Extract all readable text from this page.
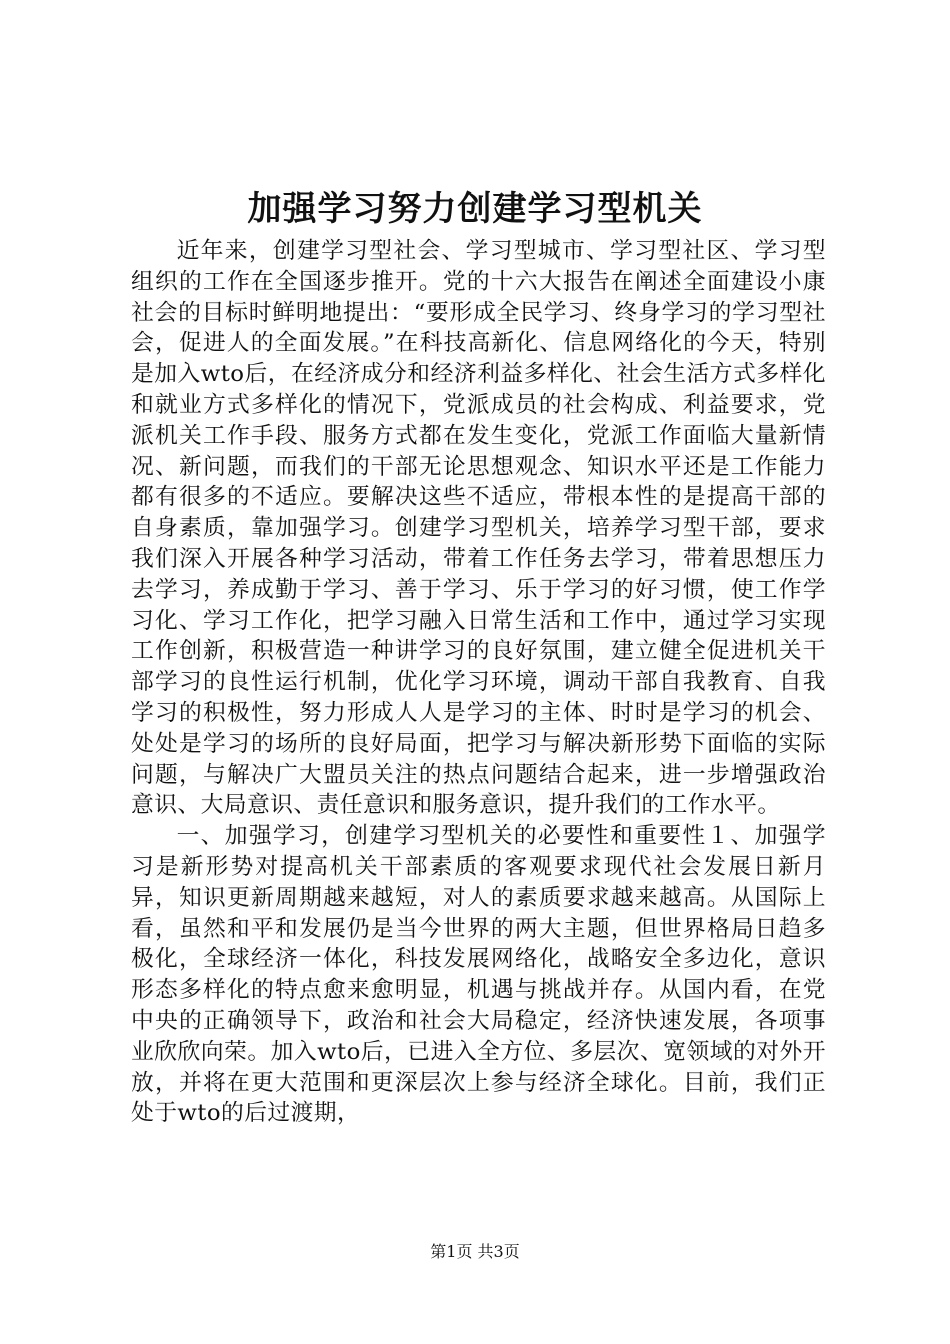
加强学习努力创建学习型机关

近年来，创建学习型社会、学习型城市、学习型社区、学习型组织的工作在全国逐步推开。党的十六大报告在阐述全面建设小康社会的目标时鲜明地提出：“要形成全民学习、终身学习的学习型社会，促进人的全面发展。”在科技高新化、信息网络化的今天，特别是加入wto后，在经济成分和经济利益多样化、社会生活方式多样化和就业方式多样化的情况下，党派成员的社会构成、利益要求，党派机关工作手段、服务方式都在发生变化，党派工作面临大量新情况、新问题，而我们的干部无论思想观念、知识水平还是工作能力都有很多的不适应。要解决这些不适应，带根本性的是提高干部的自身素质，靠加强学习。创建学习型机关，培养学习型干部，要求我们深入开展各种学习活动，带着工作任务去学习，带着思想压力去学习，养成勤于学习、善于学习、乐于学习的好习惯，使工作学习化、学习工作化，把学习融入日常生活和工作中，通过学习实现工作创新，积极营造一种讲学习的良好氛围，建立健全促进机关干部学习的良性运行机制，优化学习环境，调动干部自我教育、自我学习的积极性，努力形成人人是学习的主体、时时是学习的机会、处处是学习的场所的良好局面，把学习与解决新形势下面临的实际问题，与解决广大盟员关注的热点问题结合起来，进一步增强政治意识、大局意识、责任意识和服务意识，提升我们的工作水平。

一、加强学习，创建学习型机关的必要性和重要性１、加强学习是新形势对提高机关干部素质的客观要求现代社会发展日新月异，知识更新周期越来越短，对人的素质要求越来越高。从国际上看，虽然和平和发展仍是当今世界的两大主题，但世界格局日趋多极化，全球经济一体化，科技发展网络化，战略安全多边化，意识形态多样化的特点愈来愈明显，机遇与挑战并存。从国内看，在党中央的正确领导下，政治和社会大局稳定，经济快速发展，各项事业欣欣向荣。加入wto后，已进入全方位、多层次、宽领域的对外开放，并将在更大范围和更深层次上参与经济全球化。目前，我们正处于wto的后过渡期，

第1页 共3页
